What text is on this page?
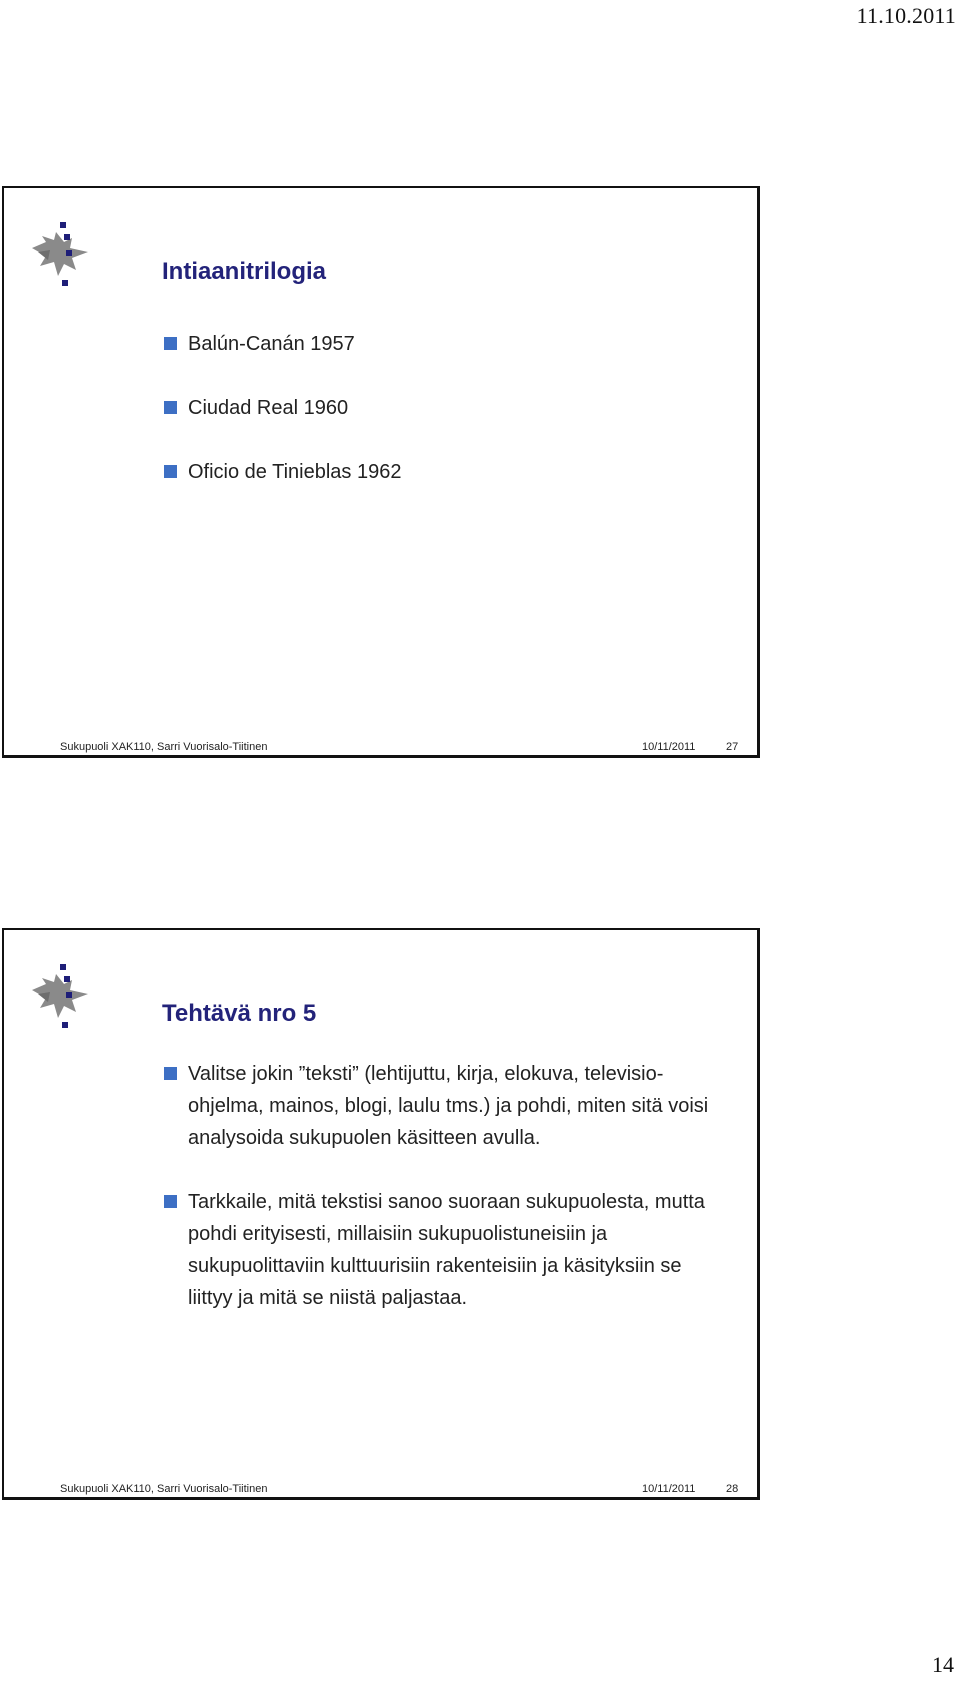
11.10.2011
Intiaanitrilogia
Balún-Canán 1957
Ciudad Real 1960
Oficio de Tinieblas 1962
Sukupuoli XAK110, Sarri Vuorisalo-Tiitinen	10/11/2011	27
Tehtävä nro 5
Valitse jokin ”teksti” (lehtijuttu, kirja, elokuva, televisio-ohjelma, mainos, blogi, laulu tms.) ja pohdi, miten sitä voisi analysoida sukupuolen käsitteen avulla.
Tarkkaile, mitä tekstisi sanoo suoraan sukupuolesta, mutta pohdi erityisesti, millaisiin sukupuolistuneisiin ja sukupuolittaviin kulttuurisiin rakenteisiin ja käsityksiin se liittyy ja mitä se niistä paljastaa.
Sukupuoli XAK110, Sarri Vuorisalo-Tiitinen	10/11/2011	28
14
